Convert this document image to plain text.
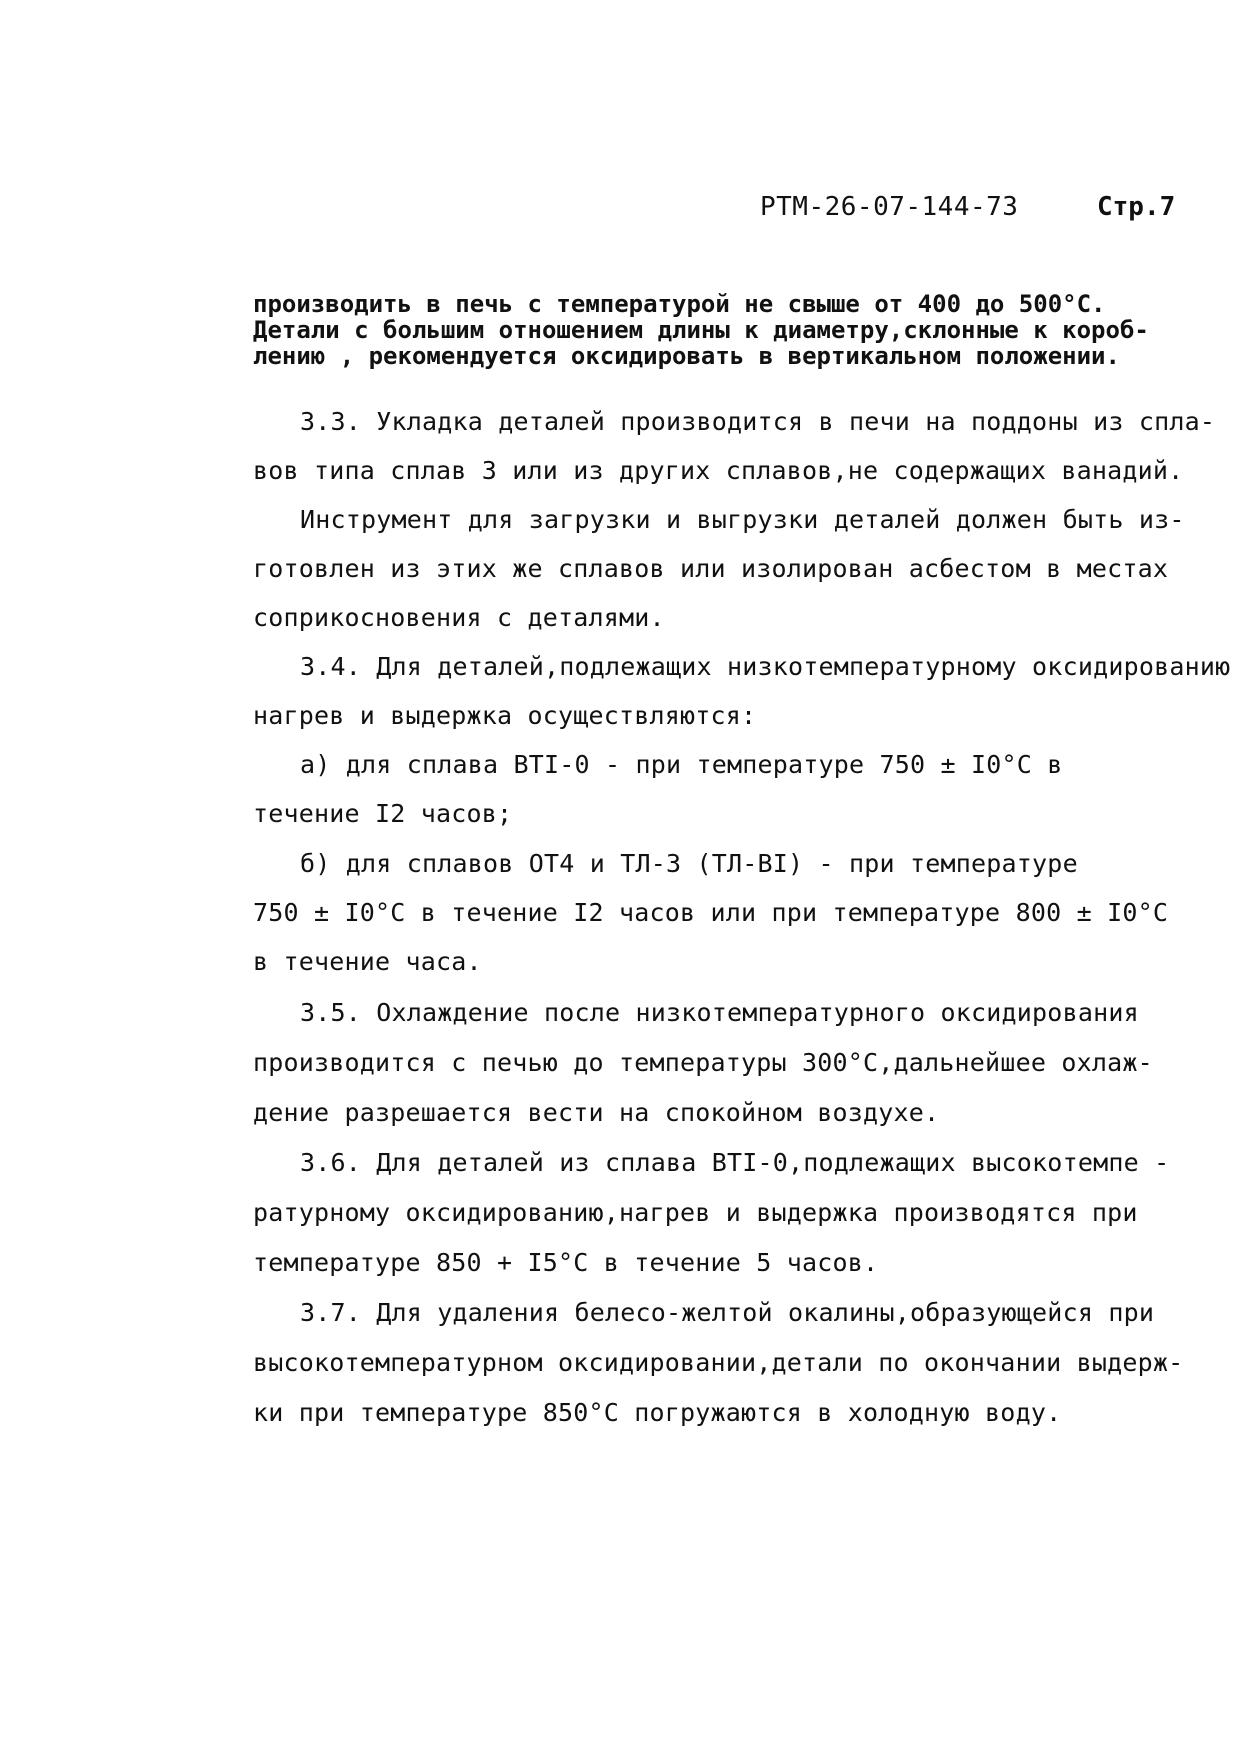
РТМ-26-07-144-73	Стр.7
производить в печь с температурой не свыше от 400 до 500°С.
Детали с большим отношением длины к диаметру,склонные к короб-
лению , рекомендуется оксидировать в вертикальном положении.
3.3. Укладка деталей производится в печи на поддоны из спла-
вов типа сплав 3 или из других сплавов,не содержащих ванадий.
Инструмент для загрузки и выгрузки деталей должен быть из-
готовлен из этих же сплавов или изолирован асбестом в местах
соприкосновения с деталями.
3.4. Для деталей,подлежащих низкотемпературному оксидированию
нагрев и выдержка осуществляются:
а) для сплава ВТI-0 - при температуре 750 ± I0°С в
течение I2 часов;
б) для сплавов ОТ4 и ТЛ-3 (ТЛ-ВI) - при температуре
750 ± I0°С в течение I2 часов или при температуре 800 ± I0°С
в течение часа.
3.5. Охлаждение после низкотемпературного оксидирования
производится с печью до температуры 300°С,дальнейшее охлаж-
дение разрешается вести на спокойном воздухе.
3.6. Для деталей из сплава ВТI-0,подлежащих высокотемпе -
ратурному оксидированию,нагрев и выдержка производятся при
температуре 850 + I5°С в течение 5 часов.
3.7. Для удаления белесо-желтой окалины,образующейся при
высокотемпературном оксидировании,детали по окончании выдерж-
ки при температуре 850°С погружаются в холодную воду.
